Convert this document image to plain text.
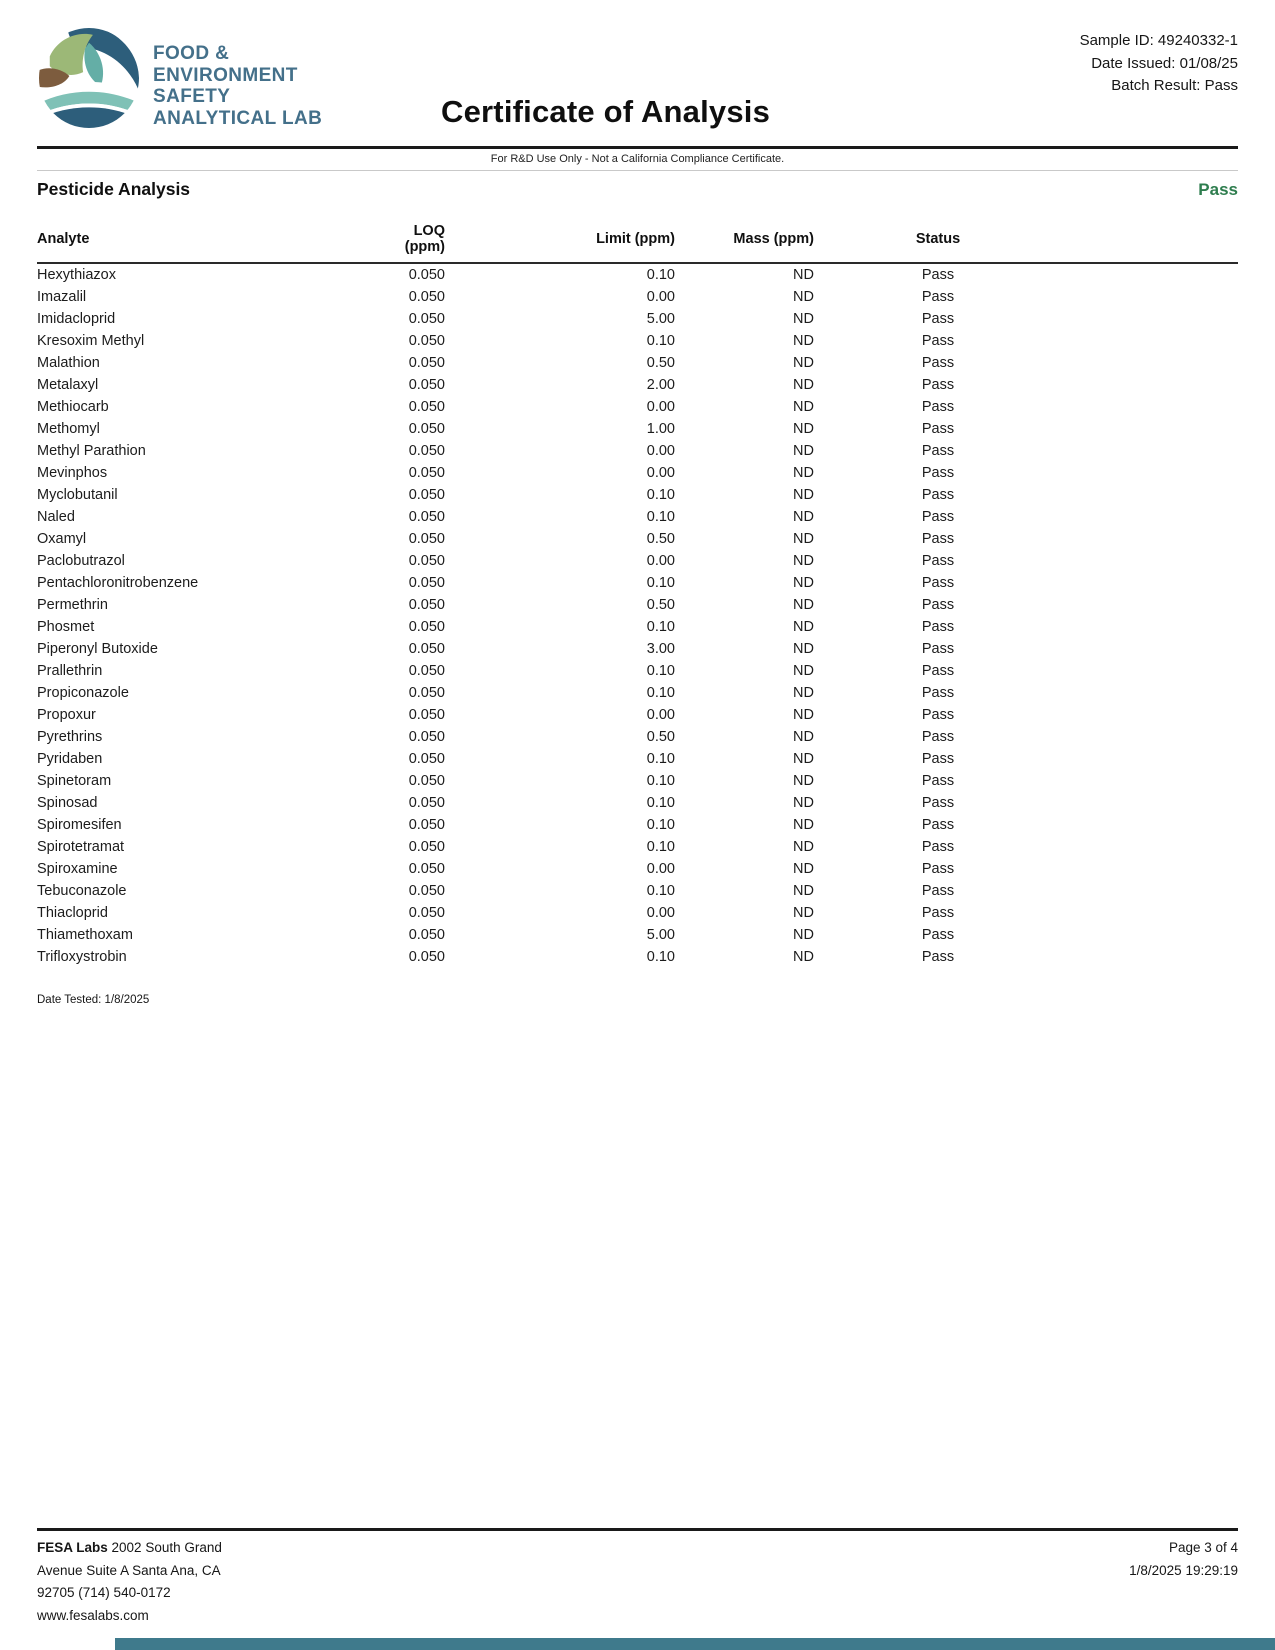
FOOD &
ENVIRONMENT
SAFETY
ANALYTICAL LAB	Certificate of Analysis
Sample ID: 49240332-1
Date Issued: 01/08/25
Batch Result: Pass
For R&D Use Only - Not a California Compliance Certificate.
Pesticide Analysis	Pass
Analyte	LOQ (ppm)	Limit (ppm)	Mass (ppm)	Status	
Hexythiazox	0.050	0.10	ND	Pass	
Imazalil	0.050	0.00	ND	Pass	
Imidacloprid	0.050	5.00	ND	Pass	
Kresoxim Methyl	0.050	0.10	ND	Pass	
Malathion	0.050	0.50	ND	Pass	
Metalaxyl	0.050	2.00	ND	Pass	
Methiocarb	0.050	0.00	ND	Pass	
Methomyl	0.050	1.00	ND	Pass	
Methyl Parathion	0.050	0.00	ND	Pass	
Mevinphos	0.050	0.00	ND	Pass	
Myclobutanil	0.050	0.10	ND	Pass	
Naled	0.050	0.10	ND	Pass	
Oxamyl	0.050	0.50	ND	Pass	
Paclobutrazol	0.050	0.00	ND	Pass	
Pentachloronitrobenzene	0.050	0.10	ND	Pass	
Permethrin	0.050	0.50	ND	Pass	
Phosmet	0.050	0.10	ND	Pass	
Piperonyl Butoxide	0.050	3.00	ND	Pass	
Prallethrin	0.050	0.10	ND	Pass	
Propiconazole	0.050	0.10	ND	Pass	
Propoxur	0.050	0.00	ND	Pass	
Pyrethrins	0.050	0.50	ND	Pass	
Pyridaben	0.050	0.10	ND	Pass	
Spinetoram	0.050	0.10	ND	Pass	
Spinosad	0.050	0.10	ND	Pass	
Spiromesifen	0.050	0.10	ND	Pass	
Spirotetramat	0.050	0.10	ND	Pass	
Spiroxamine	0.050	0.00	ND	Pass	
Tebuconazole	0.050	0.10	ND	Pass	
Thiacloprid	0.050	0.00	ND	Pass	
Thiamethoxam	0.050	5.00	ND	Pass	
Trifloxystrobin	0.050	0.10	ND	Pass	
Date Tested: 1/8/2025
FESA Labs 2002 South Grand
Avenue Suite A Santa Ana, CA
92705 (714) 540-0172
www.fesalabs.com
Page 3 of 4
1/8/2025 19:29:19
